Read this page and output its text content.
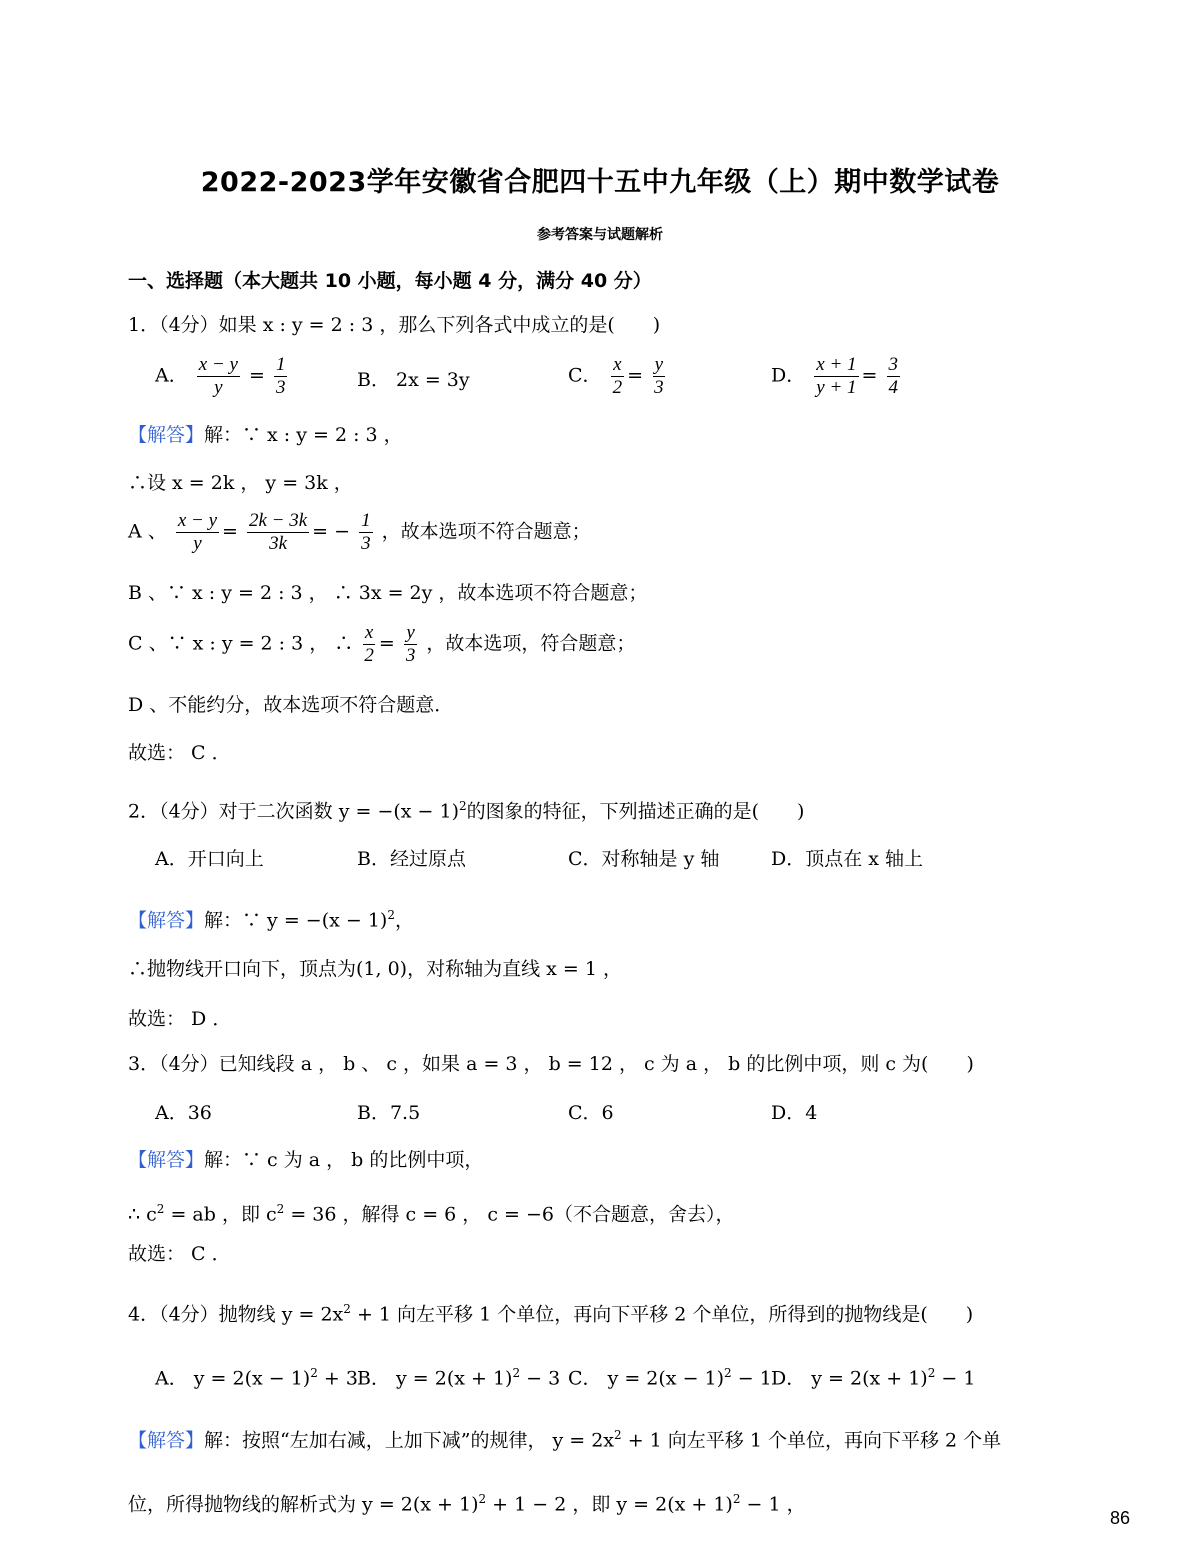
2022-2023学年安徽省合肥四十五中九年级（上）期中数学试卷
参考答案与试题解析
一、选择题（本大题共 10 小题，每小题 4 分，满分 40 分）
1．（4分）如果 x : y = 2 : 3 ，那么下列各式中成立的是(　　)
A． $\frac{x - y}{y} = \frac{1}{3}$	B． 2x = 3y	C． $\frac{x}{2} = \frac{y}{3}$	D． $\frac{x + 1}{y + 1} = \frac{3}{4}$
【解答】解：∵ x : y = 2 : 3 ，
∴设 x = 2k ， y = 3k ，
A 、 $\frac{x - y}{y} = \frac{2k - 3k}{3k}$ = − $\frac{1}{3}$ ，故本选项不符合题意；
B 、∵ x : y = 2 : 3 ， ∴ 3x = 2y ，故本选项不符合题意；
C 、∵ x : y = 2 : 3 ， ∴ $\frac{x}{2} = \frac{y}{3}$ ，故本选项，符合题意；
D 、不能约分，故本选项不符合题意．
故选： C ．
2．（4分）对于二次函数 $y = -(x - 1)^2$的图象的特征，下列描述正确的是(　　)
A．开口向上	B．经过原点	C．对称轴是 y 轴	D．顶点在 x 轴上
【解答】解：∵ $y = -(x - 1)^2$，
∴抛物线开口向下，顶点为(1, 0)，对称轴为直线 x = 1 ，
故选： D ．
3．（4分）已知线段 a ， b 、 c ，如果 a = 3 ， b = 12 ， c 为 a ， b 的比例中项，则 c 为(　　)
A．36	B．7.5	C．6	D．4
【解答】解：∵ c 为 a ， b 的比例中项，
∴ $c^2$ = ab ，即 $c^2 = 36$ ，解得 c = 6 ， c = −6（不合题意，舍去），
故选： C ．
4．（4分）抛物线 $y = 2x^2 + 1$ 向左平移 1 个单位，再向下平移 2 个单位，所得到的抛物线是(　　)
A． $y = 2(x - 1)^2 + 3$ B． $y = 2(x + 1)^2 - 3$ C． $y = 2(x - 1)^2 - 1$ D． $y = 2(x + 1)^2 - 1$
【解答】解：按照“左加右减，上加下减”的规律， $y = 2x^2 + 1$ 向左平移 1 个单位，再向下平移 2 个单
位，所得抛物线的解析式为 $y = 2(x + 1)^2 + 1 - 2$ ，即 $y = 2(x + 1)^2 - 1$ ，
86
